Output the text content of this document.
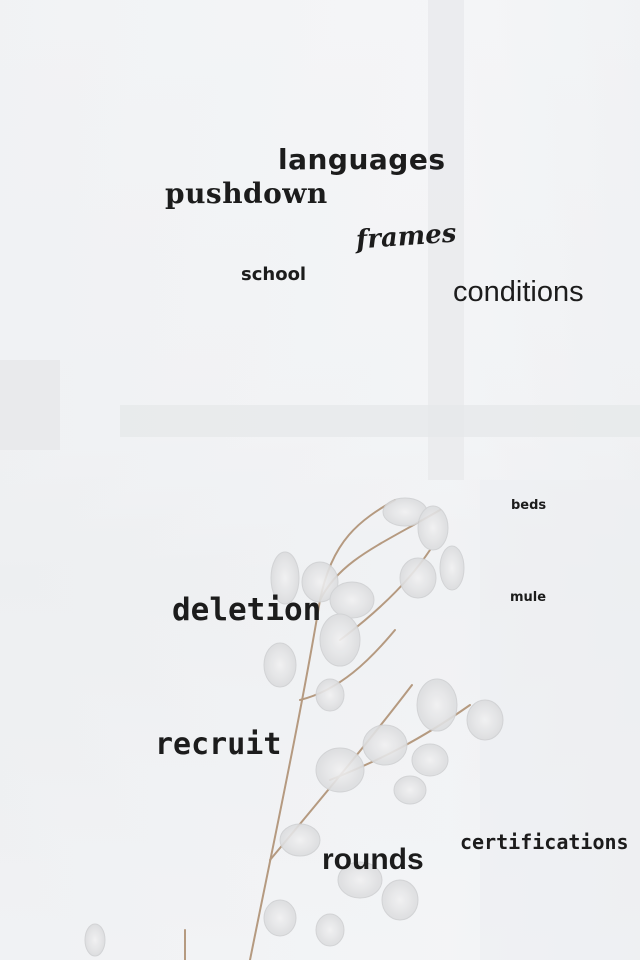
languages
pushdown
frames
school
conditions
beds
mule
deletion
recruit
certifications
rounds
